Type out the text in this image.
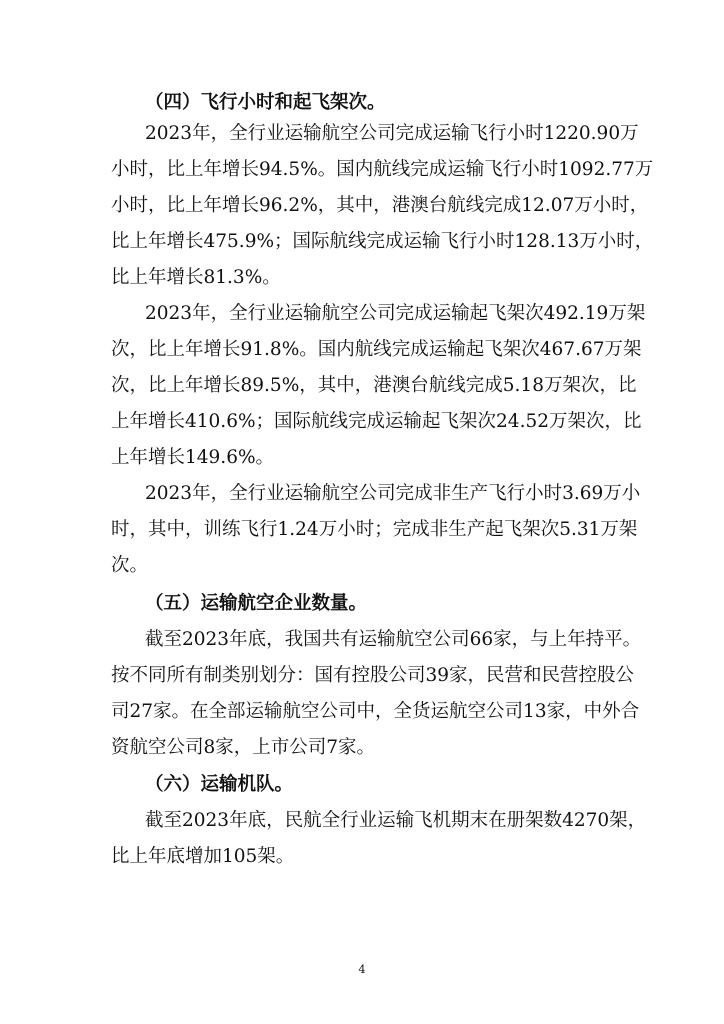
（四）飞行小时和起飞架次。
2023年，全行业运输航空公司完成运输飞行小时1220.90万
小时，比上年增长94.5%。国内航线完成运输飞行小时1092.77万
小时，比上年增长96.2%，其中，港澳台航线完成12.07万小时，
比上年增长475.9%；国际航线完成运输飞行小时128.13万小时，
比上年增长81.3%。
2023年，全行业运输航空公司完成运输起飞架次492.19万架
次，比上年增长91.8%。国内航线完成运输起飞架次467.67万架
次，比上年增长89.5%，其中，港澳台航线完成5.18万架次，比
上年增长410.6%；国际航线完成运输起飞架次24.52万架次，比
上年增长149.6%。
2023年，全行业运输航空公司完成非生产飞行小时3.69万小
时，其中，训练飞行1.24万小时；完成非生产起飞架次5.31万架
次。
（五）运输航空企业数量。
截至2023年底，我国共有运输航空公司66家，与上年持平。
按不同所有制类别划分：国有控股公司39家，民营和民营控股公
司27家。在全部运输航空公司中，全货运航空公司13家，中外合
资航空公司8家，上市公司7家。
（六）运输机队。
截至2023年底，民航全行业运输飞机期末在册架数4270架，
比上年底增加105架。
4
